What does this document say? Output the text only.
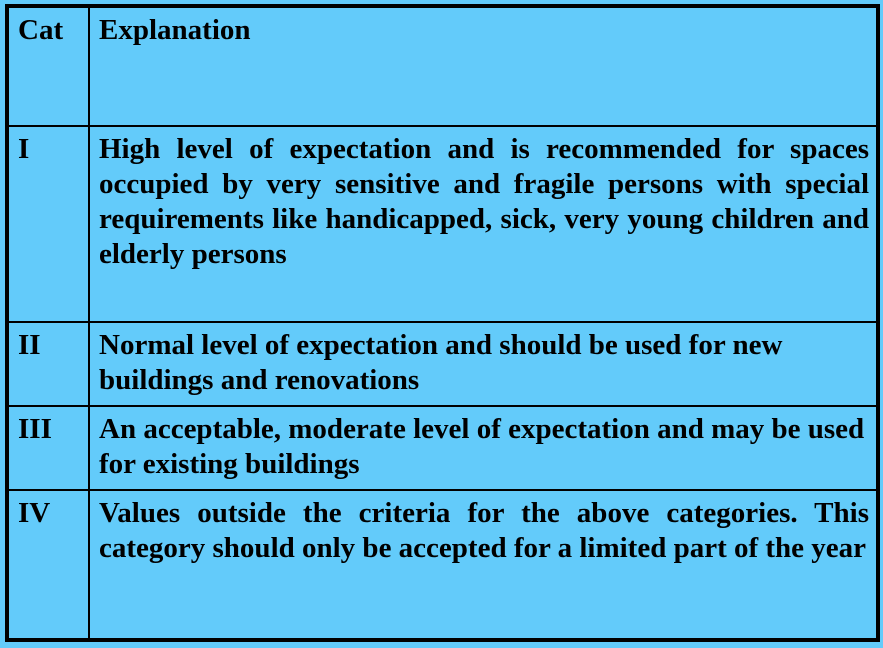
Cat	Explanation
I	High level of expectation and is recommended for spaces occupied by very sensitive and fragile persons with special requirements like handicapped, sick, very young children and elderly persons
II	Normal level of expectation and should be used for new buildings and renovations
III	An acceptable, moderate level of expectation and may be used for existing buildings
IV	Values outside the criteria for the above categories. This category should only be accepted for a limited part of the year
